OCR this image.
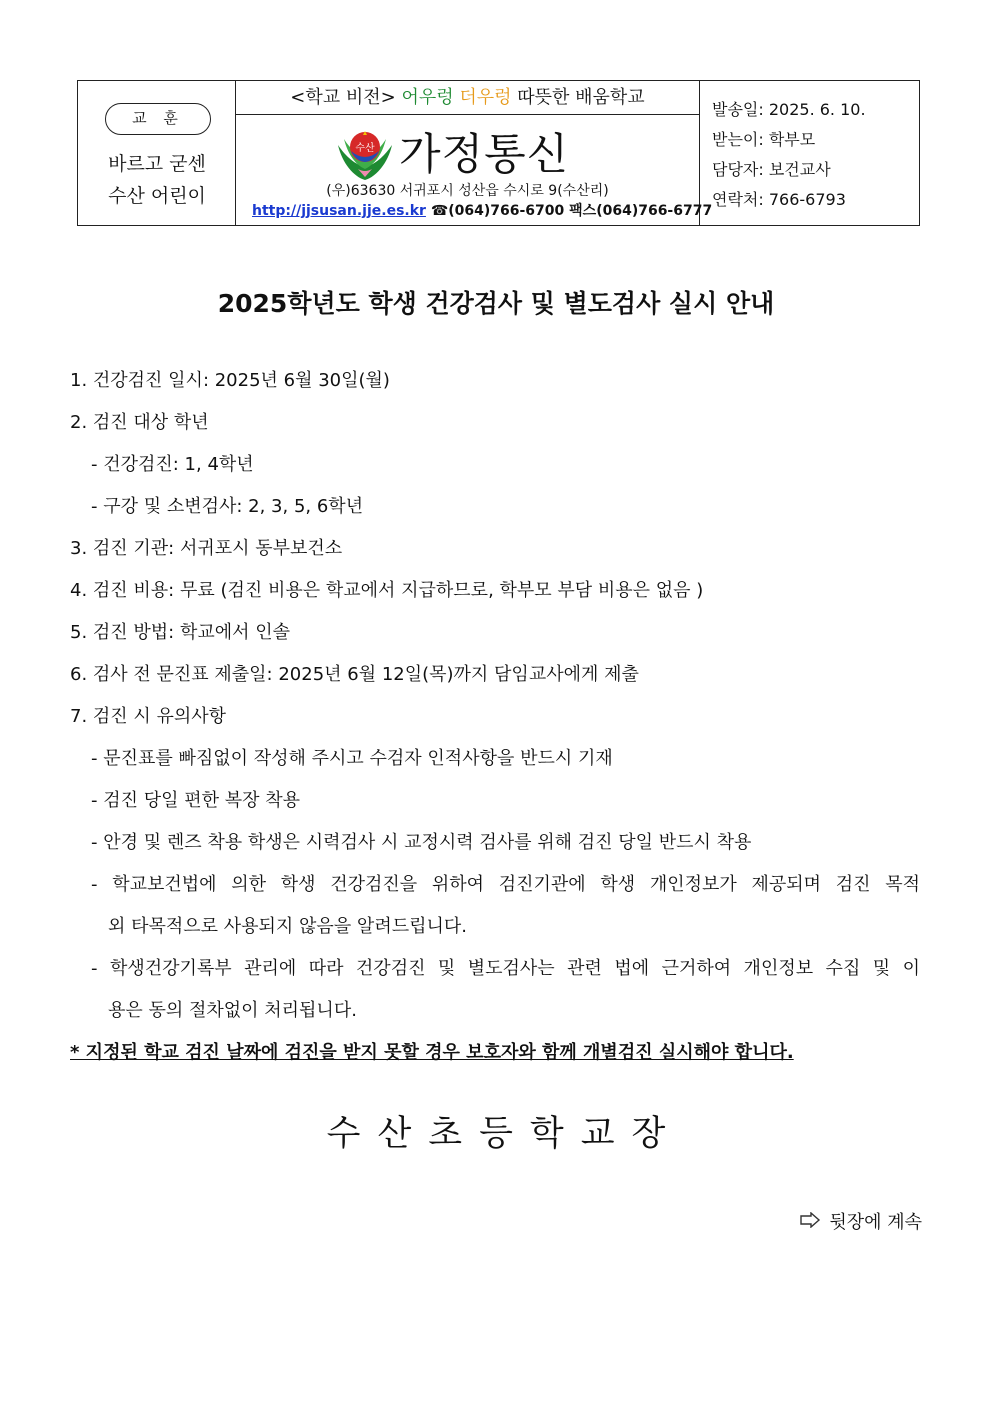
교 훈
바르고 굳센
수산 어린이
<학교 비전> 어우렁 더우렁 따뜻한 배움학교
수산 가정통신
(우)63630 서귀포시 성산읍 수시로 9(수산리)
http://jjsusan.jje.es.kr ☎(064)766-6700 팩스(064)766-6777
발송일: 2025. 6. 10.
받는이: 학부모
담당자: 보건교사
연락처: 766-6793
2025학년도 학생 건강검사 및 별도검사 실시 안내
1. 건강검진 일시: 2025년 6월 30일(월)
2. 검진 대상 학년
- 건강검진: 1, 4학년
- 구강 및 소변검사: 2, 3, 5, 6학년
3. 검진 기관: 서귀포시 동부보건소
4. 검진 비용: 무료 (검진 비용은 학교에서 지급하므로, 학부모 부담 비용은 없음 )
5. 검진 방법: 학교에서 인솔
6. 검사 전 문진표 제출일: 2025년 6월 12일(목)까지 담임교사에게 제출
7. 검진 시 유의사항
- 문진표를 빠짐없이 작성해 주시고 수검자 인적사항을 반드시 기재
- 검진 당일 편한 복장 착용
- 안경 및 렌즈 착용 학생은 시력검사 시 교정시력 검사를 위해 검진 당일 반드시 착용
- 학교보건법에 의한 학생 건강검진을 위하여 검진기관에 학생 개인정보가 제공되며 검진 목적
외 타목적으로 사용되지 않음을 알려드립니다.
- 학생건강기록부 관리에 따라 건강검진 및 별도검사는 관련 법에 근거하여 개인정보 수집 및 이
용은 동의 절차없이 처리됩니다.
* 지정된 학교 검진 날짜에 검진을 받지 못할 경우 보호자와 함께 개별검진 실시해야 합니다.
수산초등학교장
뒷장에 계속
